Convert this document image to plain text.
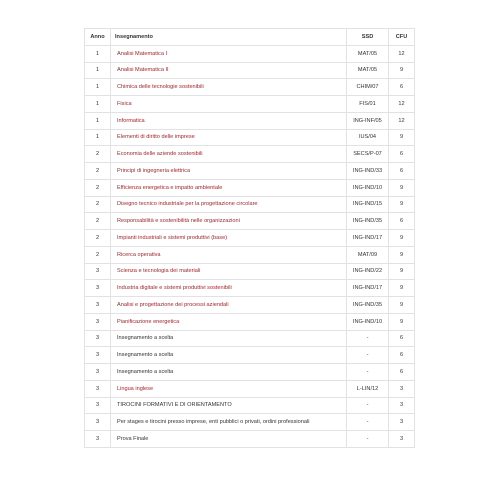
Anno	Insegnamento	SSD	CFU
1	Analisi Matematica I	MAT/05	12
1	Analisi Matematica II	MAT/05	9
1	Chimica delle tecnologie sostenibili	CHIM/07	6
1	Fisica	FIS/01	12
1	Informatica	ING-INF/05	12
1	Elementi di diritto delle imprese	IUS/04	9
2	Economia delle aziende sostenibili	SECS/P-07	6
2	Principi di ingegneria elettrica	ING-IND/33	6
2	Efficienza energetica e impatto ambientale	ING-IND/10	9
2	Disegno tecnico industriale per la progettazione circolare	ING-IND/15	9
2	Responsabilità e sostenibilità nelle organizzazioni	ING-IND/35	6
2	Impianti industriali e sistemi produttivi (base)	ING-IND/17	9
2	Ricerca operativa	MAT/09	9
3	Scienza e tecnologia dei materiali	ING-IND/22	9
3	Industria digitale e sistemi produttivi sostenibili	ING-IND/17	9
3	Analisi e progettazione dei processi aziendali	ING-IND/35	9
3	Pianificazione energetica	ING-IND/10	9
3	Insegnamento a scelta	-	6
3	Insegnamento a scelta	-	6
3	Insegnamento a scelta	-	6
3	Lingua inglese	L-LIN/12	3
3	TIROCINI FORMATIVI E DI ORIENTAMENTO	-	3
3	Per stages e tirocini presso imprese, enti pubblici o privati, ordini professionali	-	3
3	Prova Finale	-	3
